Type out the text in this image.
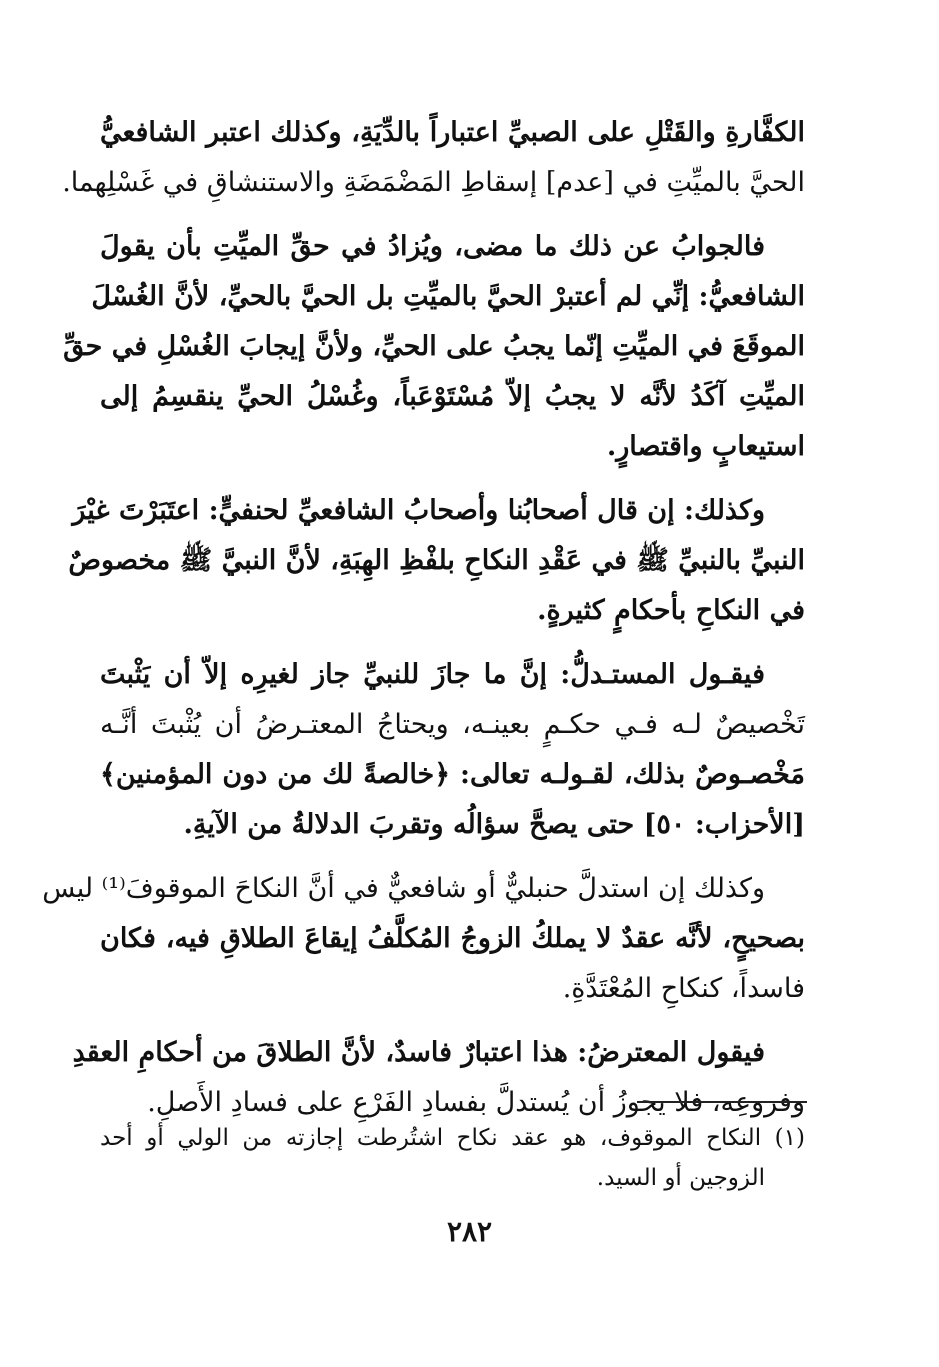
الكفَّارةِ والقَتْلِ على الصبيِّ اعتباراً بالدِّيَةِ، وكذلك اعتبر الشافعيُّ
الحيَّ بالميِّتِ في [عدم] إسقاطِ المَضْمَضَةِ والاستنشاقِ في غَسْلِهما.
فالجوابُ عن ذلك ما مضى، ويُزادُ في حقِّ الميِّتِ بأن يقولَ
الشافعيُّ: إنِّي لم أعتبرْ الحيَّ بالميِّتِ بل الحيَّ بالحيِّ، لأنَّ الغُسْلَ
الموقَعَ في الميِّتِ إنّما يجبُ على الحيِّ، ولأنَّ إيجابَ الغُسْلِ في حقِّ
الميِّتِ آكَدُ لأنَّه لا يجبُ إلاّ مُسْتَوْعَباً، وغُسْلُ الحيِّ ينقسِمُ إلى
استيعابٍ واقتصارٍ.
وكذلك: إن قال أصحابُنا وأصحابُ الشافعيِّ لحنفيٍّ: اعتَبَرْتَ غيْرَ
النبيِّ بالنبيِّ ﷺ في عَقْدِ النكاحِ بلفْظِ الهِبَةِ، لأنَّ النبيَّ ﷺ مخصوصٌ
في النكاحِ بأحكامٍ كثيرةٍ.
فيقـول المستـدلُّ: إنَّ ما جازَ للنبيِّ جاز لغيرِه إلاّ أن يَثْبتَ
تَخْصيصٌ لـه فـي حكـمٍ بعينـه، ويحتاجُ المعتـرضُ أن يُثْبتَ أنَّـه
مَخْصـوصٌ بذلك، لقـولـه تعالى: ﴿خالصةً لك من دون المؤمنين﴾
[الأحزاب: ٥٠] حتى يصحَّ سؤالُه وتقربَ الدلالةُ من الآيةِ.
وكذلك إن استدلَّ حنبليٌّ أو شافعيٌّ في أنَّ النكاحَ الموقوفَ⁽¹⁾ ليس
بصحيحٍ، لأنَّه عقدٌ لا يملكُ الزوجُ المُكلَّفُ إيقاعَ الطلاقِ فيه، فكان
فاسداً، كنكاحِ المُعْتَدَّةِ.
فيقول المعترضُ: هذا اعتبارٌ فاسدٌ، لأنَّ الطلاقَ من أحكامِ العقدِ
وفروعِه، فلا يجوزُ أن يُستدلَّ بفسادِ الفَرْعِ على فسادِ الأَصلِ.
(١) النكاح الموقوف، هو عقد نكاح اشتُرطت إجازته من الولي أو أحد
الزوجين أو السيد.
٢٨٢
